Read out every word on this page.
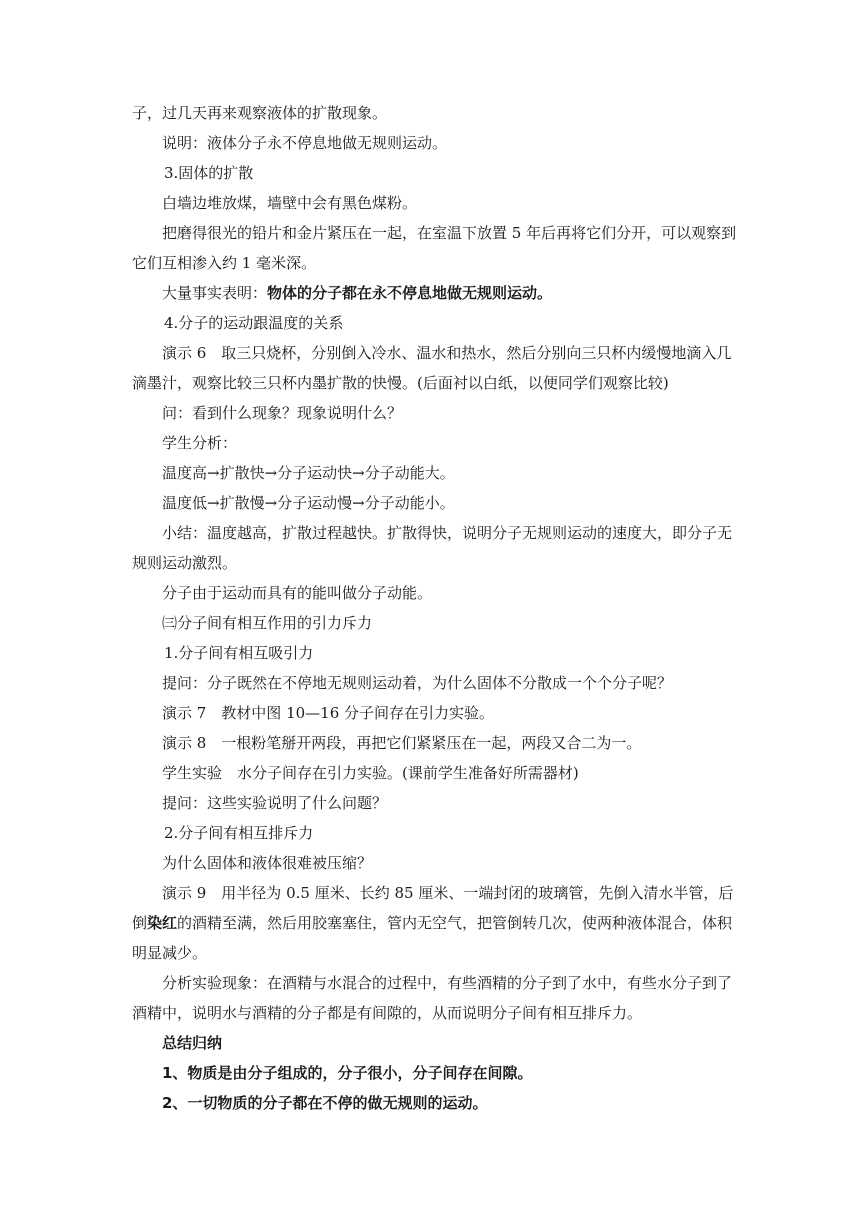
子，过几天再来观察液体的扩散现象。
说明：液体分子永不停息地做无规则运动。
3.固体的扩散
白墙边堆放煤，墙壁中会有黑色煤粉。
把磨得很光的铅片和金片紧压在一起，在室温下放置 5 年后再将它们分开，可以观察到
它们互相渗入约 1 毫米深。
大量事实表明：物体的分子都在永不停息地做无规则运动。
4.分子的运动跟温度的关系
演示 6　取三只烧杯，分别倒入冷水、温水和热水，然后分别向三只杯内缓慢地滴入几
滴墨汁，观察比较三只杯内墨扩散的快慢。(后面衬以白纸，以便同学们观察比较)
问：看到什么现象？现象说明什么？
学生分析：
温度高→扩散快→分子运动快→分子动能大。
温度低→扩散慢→分子运动慢→分子动能小。
小结：温度越高，扩散过程越快。扩散得快，说明分子无规则运动的速度大，即分子无
规则运动激烈。
分子由于运动而具有的能叫做分子动能。
㈢分子间有相互作用的引力斥力
1.分子间有相互吸引力
提问：分子既然在不停地无规则运动着，为什么固体不分散成一个个分子呢？
演示 7　教材中图 10—16 分子间存在引力实验。
演示 8　一根粉笔掰开两段，再把它们紧紧压在一起，两段又合二为一。
学生实验　水分子间存在引力实验。(课前学生准备好所需器材)
提问：这些实验说明了什么问题？
2.分子间有相互排斥力
为什么固体和液体很难被压缩？
演示 9　用半径为 0.5 厘米、长约 85 厘米、一端封闭的玻璃管，先倒入清水半管，后
倒染红的酒精至满，然后用胶塞塞住，管内无空气，把管倒转几次，使两种液体混合，体积
明显减少。
分析实验现象：在酒精与水混合的过程中，有些酒精的分子到了水中，有些水分子到了
酒精中，说明水与酒精的分子都是有间隙的，从而说明分子间有相互排斥力。
总结归纳
1、物质是由分子组成的，分子很小，分子间存在间隙。
2、一切物质的分子都在不停的做无规则的运动。
